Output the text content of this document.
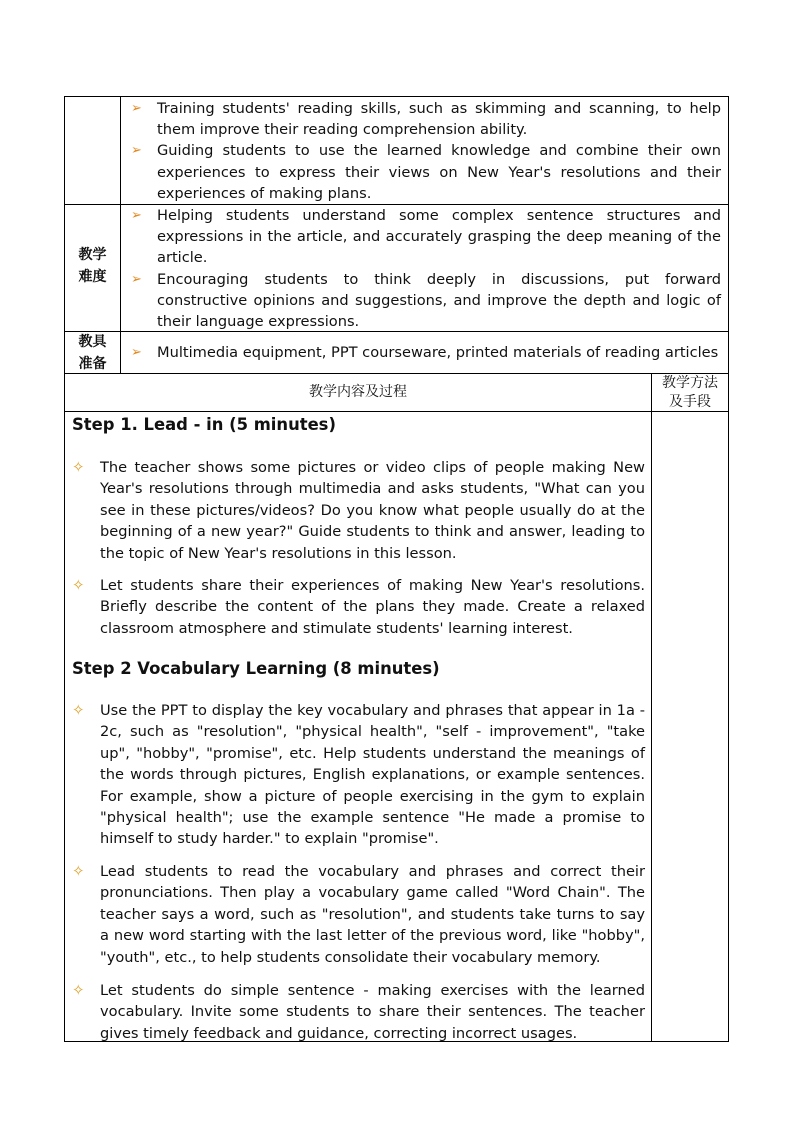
➢ Training students' reading skills, such as skimming and scanning, to help them improve their reading comprehension ability.
➢ Guiding students to use the learned knowledge and combine their own experiences to express their views on New Year's resolutions and their experiences of making plans.
教学
难度
➢ Helping students understand some complex sentence structures and expressions in the article, and accurately grasping the deep meaning of the article.
➢ Encouraging students to think deeply in discussions, put forward constructive opinions and suggestions, and improve the depth and logic of their language expressions.
教具
准备
➢ Multimedia equipment, PPT courseware, printed materials of reading articles
教学内容及过程
教学方法
及手段
Step 1. Lead - in (5 minutes)
✧ The teacher shows some pictures or video clips of people making New Year's resolutions through multimedia and asks students, "What can you see in these pictures/videos? Do you know what people usually do at the beginning of a new year?" Guide students to think and answer, leading to the topic of New Year's resolutions in this lesson.

✧ Let students share their experiences of making New Year's resolutions. Briefly describe the content of the plans they made. Create a relaxed classroom atmosphere and stimulate students' learning interest.

Step 2 Vocabulary Learning (8 minutes)
✧ Use the PPT to display the key vocabulary and phrases that appear in 1a - 2c, such as "resolution", "physical health", "self - improvement", "take up", "hobby", "promise", etc. Help students understand the meanings of the words through pictures, English explanations, or example sentences. For example, show a picture of people exercising in the gym to explain "physical health"; use the example sentence "He made a promise to himself to study harder." to explain "promise".

✧ Lead students to read the vocabulary and phrases and correct their pronunciations. Then play a vocabulary game called "Word Chain". The teacher says a word, such as "resolution", and students take turns to say a new word starting with the last letter of the previous word, like "hobby", "youth", etc., to help students consolidate their vocabulary memory.

✧ Let students do simple sentence - making exercises with the learned vocabulary. Invite some students to share their sentences. The teacher gives timely feedback and guidance, correcting incorrect usages.
